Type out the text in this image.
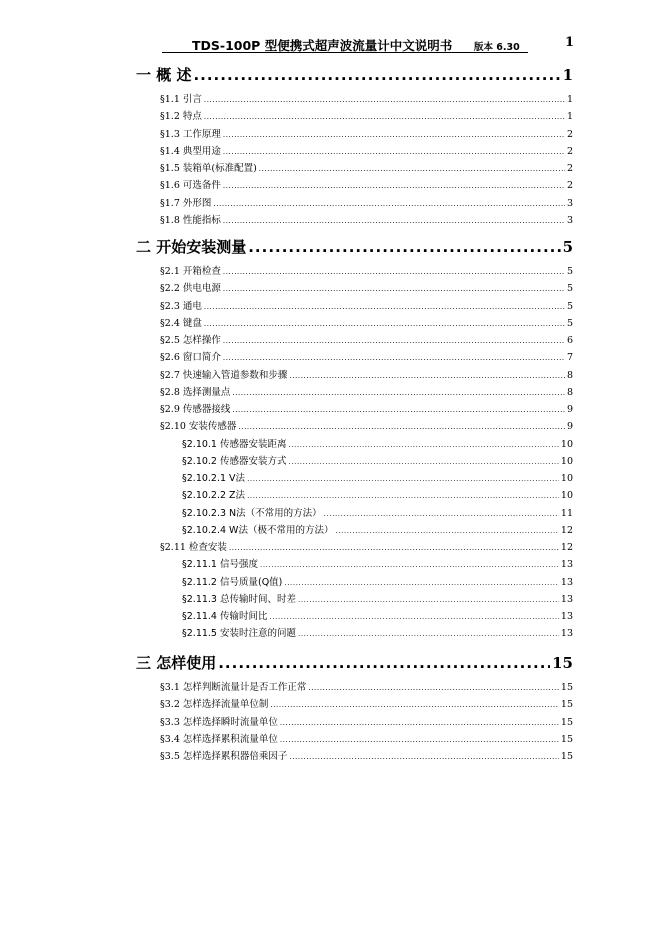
TDS-100P 型便携式超声波流量计中文说明书 版本 6.30	1
一 概 述 .....	1
§1.1 引言 .....	1
§1.2 特点 .....	1
§1.3 工作原理 .....	2
§1.4 典型用途 .....	2
§1.5 装箱单(标准配置) .....	2
§1.6 可选备件 .....	2
§1.7 外形图 .....	3
§1.8 性能指标 .....	3
二 开始安装测量 .....	5
§2.1 开箱检查 .....	5
§2.2 供电电源 .....	5
§2.3 通电 .....	5
§2.4 键盘 .....	5
§2.5 怎样操作 .....	6
§2.6 窗口简介 .....	7
§2.7 快速输入管道参数和步骤 .....	8
§2.8 选择测量点 .....	8
§2.9 传感器接线 .....	9
§2.10 安装传感器 .....	9
§2.10.1 传感器安装距离 .....	10
§2.10.2 传感器安装方式 .....	10
§2.10.2.1 V法 .....	10
§2.10.2.2 Z法 .....	10
§2.10.2.3 N法（不常用的方法） .....	11
§2.10.2.4 W法（极不常用的方法） .....	12
§2.11 检查安装 .....	12
§2.11.1 信号强度 .....	13
§2.11.2 信号质量(Q值) .....	13
§2.11.3 总传输时间、时差 .....	13
§2.11.4 传输时间比 .....	13
§2.11.5 安装时注意的问题 .....	13
三 怎样使用 .....	15
§3.1 怎样判断流量计是否工作正常 .....	15
§3.2 怎样选择流量单位制 .....	15
§3.3 怎样选择瞬时流量单位 .....	15
§3.4 怎样选择累积流量单位 .....	15
§3.5 怎样选择累积器倍乘因子 .....	15
